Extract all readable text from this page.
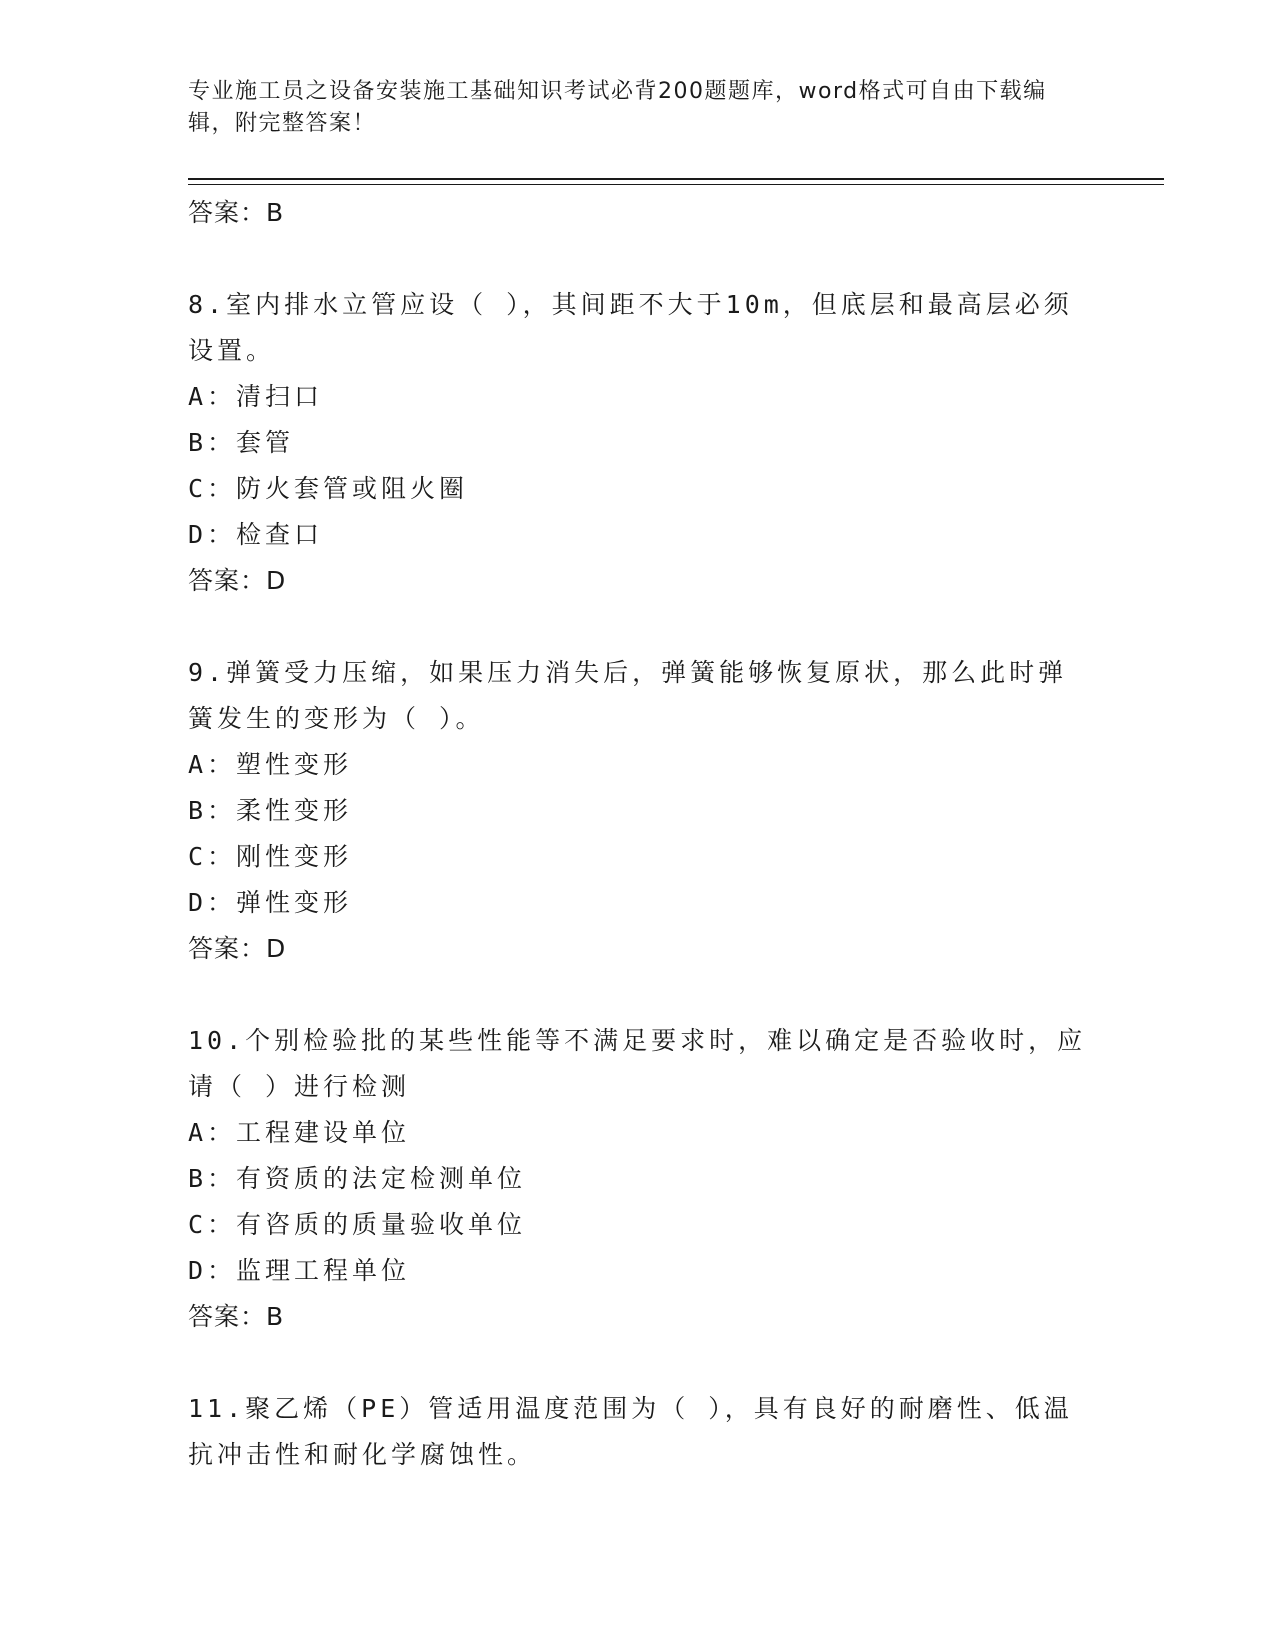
专业施工员之设备安装施工基础知识考试必背200题题库，word格式可自由下载编辑，附完整答案！

答案：B

8.室内排水立管应设（ ），其间距不大于10m，但底层和最高层必须设置。

A：清扫口

B：套管

C：防火套管或阻火圈

D：检查口

答案：D

9.弹簧受力压缩，如果压力消失后，弹簧能够恢复原状，那么此时弹簧发生的变形为（ ）。

A：塑性变形

B：柔性变形

C：刚性变形

D：弹性变形

答案：D

10.个别检验批的某些性能等不满足要求时，难以确定是否验收时，应请（ ）进行检测

A：工程建设单位

B：有资质的法定检测单位

C：有咨质的质量验收单位

D：监理工程单位

答案：B

11.聚乙烯（PE）管适用温度范围为（ ），具有良好的耐磨性、低温抗冲击性和耐化学腐蚀性。
